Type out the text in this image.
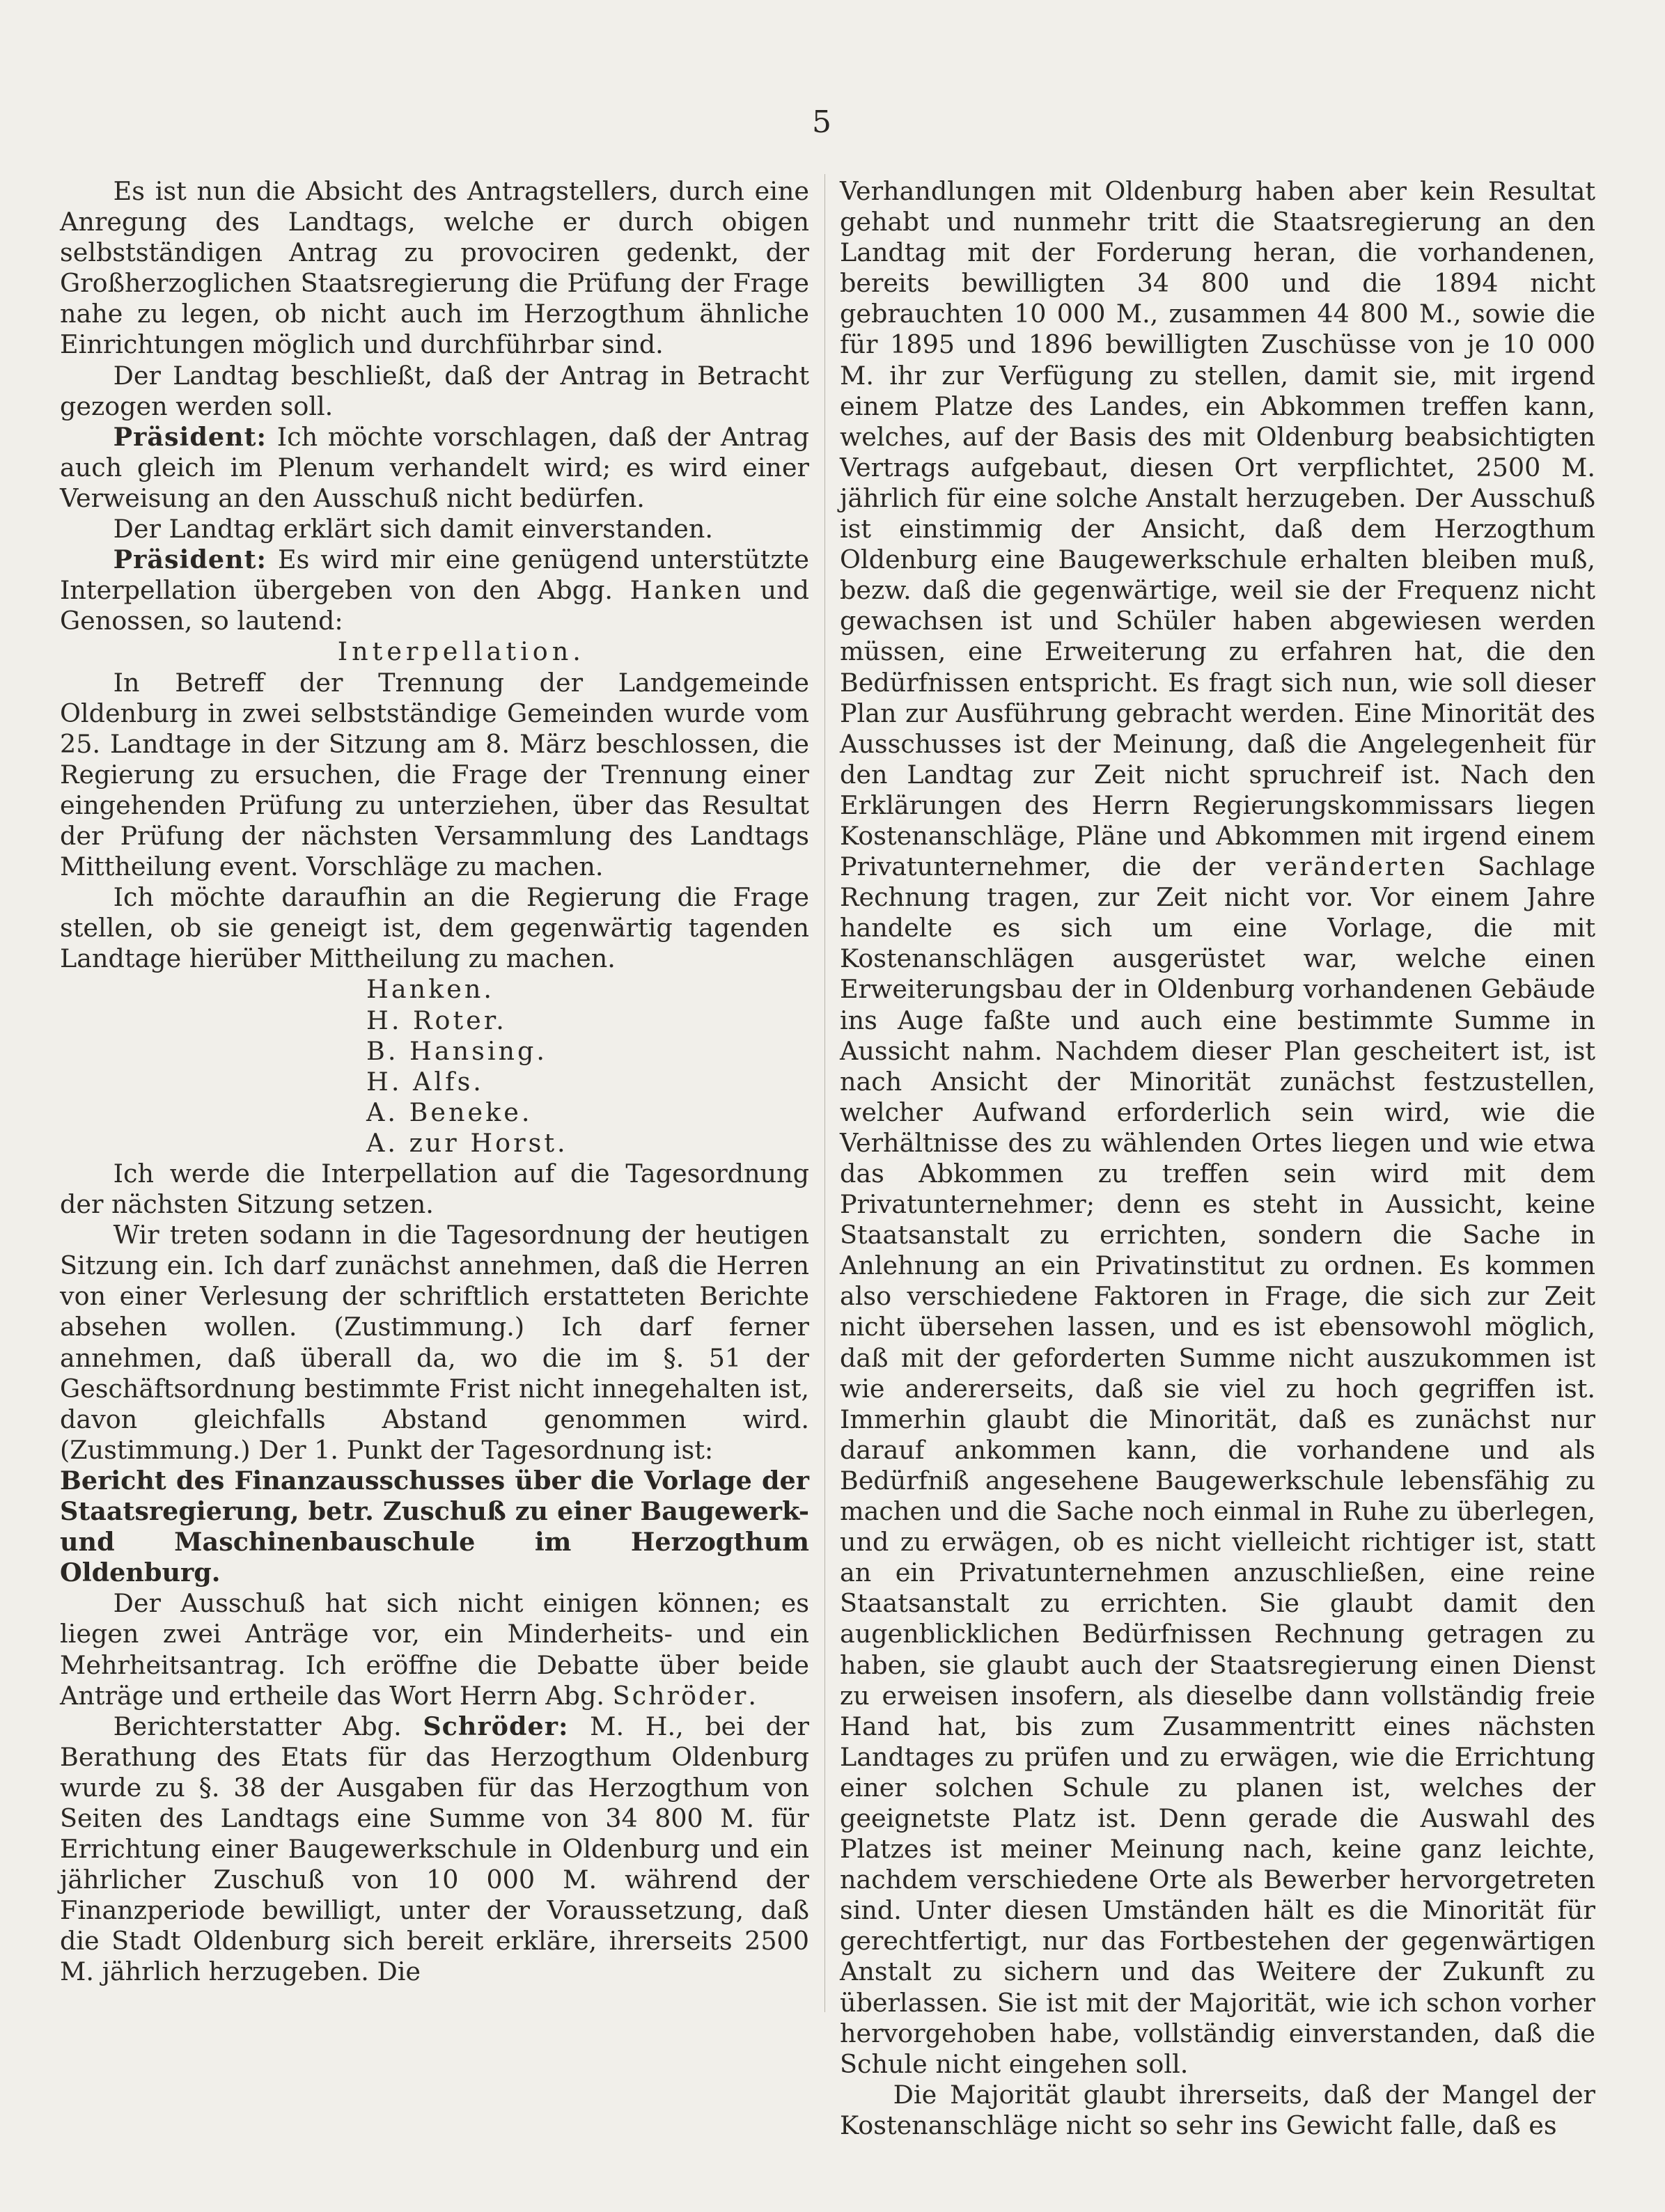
5

Es ist nun die Absicht des Antragstellers, durch eine Anregung des Landtags, welche er durch obigen selbstständigen Antrag zu provociren gedenkt, der Großherzoglichen Staatsregierung die Prüfung der Frage nahe zu legen, ob nicht auch im Herzogthum ähnliche Einrichtungen möglich und durchführbar sind.

Der Landtag beschließt, daß der Antrag in Betracht gezogen werden soll.

Präsident: Ich möchte vorschlagen, daß der Antrag auch gleich im Plenum verhandelt wird; es wird einer Verweisung an den Ausschuß nicht bedürfen.

Der Landtag erklärt sich damit einverstanden.

Präsident: Es wird mir eine genügend unterstützte Interpellation übergeben von den Abgg. Hanken und Genossen, so lautend:

Interpellation.

In Betreff der Trennung der Landgemeinde Oldenburg in zwei selbstständige Gemeinden wurde vom 25. Landtage in der Sitzung am 8. März beschlossen, die Regierung zu ersuchen, die Frage der Trennung einer eingehenden Prüfung zu unterziehen, über das Resultat der Prüfung der nächsten Versammlung des Landtags Mittheilung event. Vorschläge zu machen.

Ich möchte daraufhin an die Regierung die Frage stellen, ob sie geneigt ist, dem gegenwärtig tagenden Landtage hierüber Mittheilung zu machen.

Hanken.
H. Roter.
B. Hansing.
H. Alfs.
A. Beneke.
A. zur Horst.

Ich werde die Interpellation auf die Tagesordnung der nächsten Sitzung setzen.

Wir treten sodann in die Tagesordnung der heutigen Sitzung ein. Ich darf zunächst annehmen, daß die Herren von einer Verlesung der schriftlich erstatteten Berichte absehen wollen. (Zustimmung.) Ich darf ferner annehmen, daß überall da, wo die im §. 51 der Geschäftsordnung bestimmte Frist nicht innegehalten ist, davon gleichfalls Abstand genommen wird. (Zustimmung.) Der 1. Punkt der Tagesordnung ist:

Bericht des Finanzausschusses über die Vorlage der Staatsregierung, betr. Zuschuß zu einer Baugewerk- und Maschinenbauschule im Herzogthum Oldenburg.

Der Ausschuß hat sich nicht einigen können; es liegen zwei Anträge vor, ein Minderheits- und ein Mehrheitsantrag. Ich eröffne die Debatte über beide Anträge und ertheile das Wort Herrn Abg. Schröder.

Berichterstatter Abg. Schröder: M. H., bei der Berathung des Etats für das Herzogthum Oldenburg wurde zu §. 38 der Ausgaben für das Herzogthum von Seiten des Landtags eine Summe von 34 800 M. für Errichtung einer Baugewerkschule in Oldenburg und ein jährlicher Zuschuß von 10 000 M. während der Finanzperiode bewilligt, unter der Voraussetzung, daß die Stadt Oldenburg sich bereit erkläre, ihrerseits 2500 M. jährlich herzugeben. Die

Verhandlungen mit Oldenburg haben aber kein Resultat gehabt und nunmehr tritt die Staatsregierung an den Landtag mit der Forderung heran, die vorhandenen, bereits bewilligten 34 800 und die 1894 nicht gebrauchten 10 000 M., zusammen 44 800 M., sowie die für 1895 und 1896 bewilligten Zuschüsse von je 10 000 M. ihr zur Verfügung zu stellen, damit sie, mit irgend einem Platze des Landes, ein Abkommen treffen kann, welches, auf der Basis des mit Oldenburg beabsichtigten Vertrags aufgebaut, diesen Ort verpflichtet, 2500 M. jährlich für eine solche Anstalt herzugeben. Der Ausschuß ist einstimmig der Ansicht, daß dem Herzogthum Oldenburg eine Baugewerkschule erhalten bleiben muß, bezw. daß die gegenwärtige, weil sie der Frequenz nicht gewachsen ist und Schüler haben abgewiesen werden müssen, eine Erweiterung zu erfahren hat, die den Bedürfnissen entspricht. Es fragt sich nun, wie soll dieser Plan zur Ausführung gebracht werden. Eine Minorität des Ausschusses ist der Meinung, daß die Angelegenheit für den Landtag zur Zeit nicht spruchreif ist. Nach den Erklärungen des Herrn Regierungskommissars liegen Kostenanschläge, Pläne und Abkommen mit irgend einem Privatunternehmer, die der veränderten Sachlage Rechnung tragen, zur Zeit nicht vor. Vor einem Jahre handelte es sich um eine Vorlage, die mit Kostenanschlägen ausgerüstet war, welche einen Erweiterungsbau der in Oldenburg vorhandenen Gebäude ins Auge faßte und auch eine bestimmte Summe in Aussicht nahm. Nachdem dieser Plan gescheitert ist, ist nach Ansicht der Minorität zunächst festzustellen, welcher Aufwand erforderlich sein wird, wie die Verhältnisse des zu wählenden Ortes liegen und wie etwa das Abkommen zu treffen sein wird mit dem Privatunternehmer; denn es steht in Aussicht, keine Staatsanstalt zu errichten, sondern die Sache in Anlehnung an ein Privatinstitut zu ordnen. Es kommen also verschiedene Faktoren in Frage, die sich zur Zeit nicht übersehen lassen, und es ist ebensowohl möglich, daß mit der geforderten Summe nicht auszukommen ist wie andererseits, daß sie viel zu hoch gegriffen ist. Immerhin glaubt die Minorität, daß es zunächst nur darauf ankommen kann, die vorhandene und als Bedürfniß angesehene Baugewerkschule lebensfähig zu machen und die Sache noch einmal in Ruhe zu überlegen, und zu erwägen, ob es nicht vielleicht richtiger ist, statt an ein Privatunternehmen anzuschließen, eine reine Staatsanstalt zu errichten. Sie glaubt damit den augenblicklichen Bedürfnissen Rechnung getragen zu haben, sie glaubt auch der Staatsregierung einen Dienst zu erweisen insofern, als dieselbe dann vollständig freie Hand hat, bis zum Zusammentritt eines nächsten Landtages zu prüfen und zu erwägen, wie die Errichtung einer solchen Schule zu planen ist, welches der geeignetste Platz ist. Denn gerade die Auswahl des Platzes ist meiner Meinung nach, keine ganz leichte, nachdem verschiedene Orte als Bewerber hervorgetreten sind. Unter diesen Umständen hält es die Minorität für gerechtfertigt, nur das Fortbestehen der gegenwärtigen Anstalt zu sichern und das Weitere der Zukunft zu überlassen. Sie ist mit der Majorität, wie ich schon vorher hervorgehoben habe, vollständig einverstanden, daß die Schule nicht eingehen soll.

Die Majorität glaubt ihrerseits, daß der Mangel der Kostenanschläge nicht so sehr ins Gewicht falle, daß es
